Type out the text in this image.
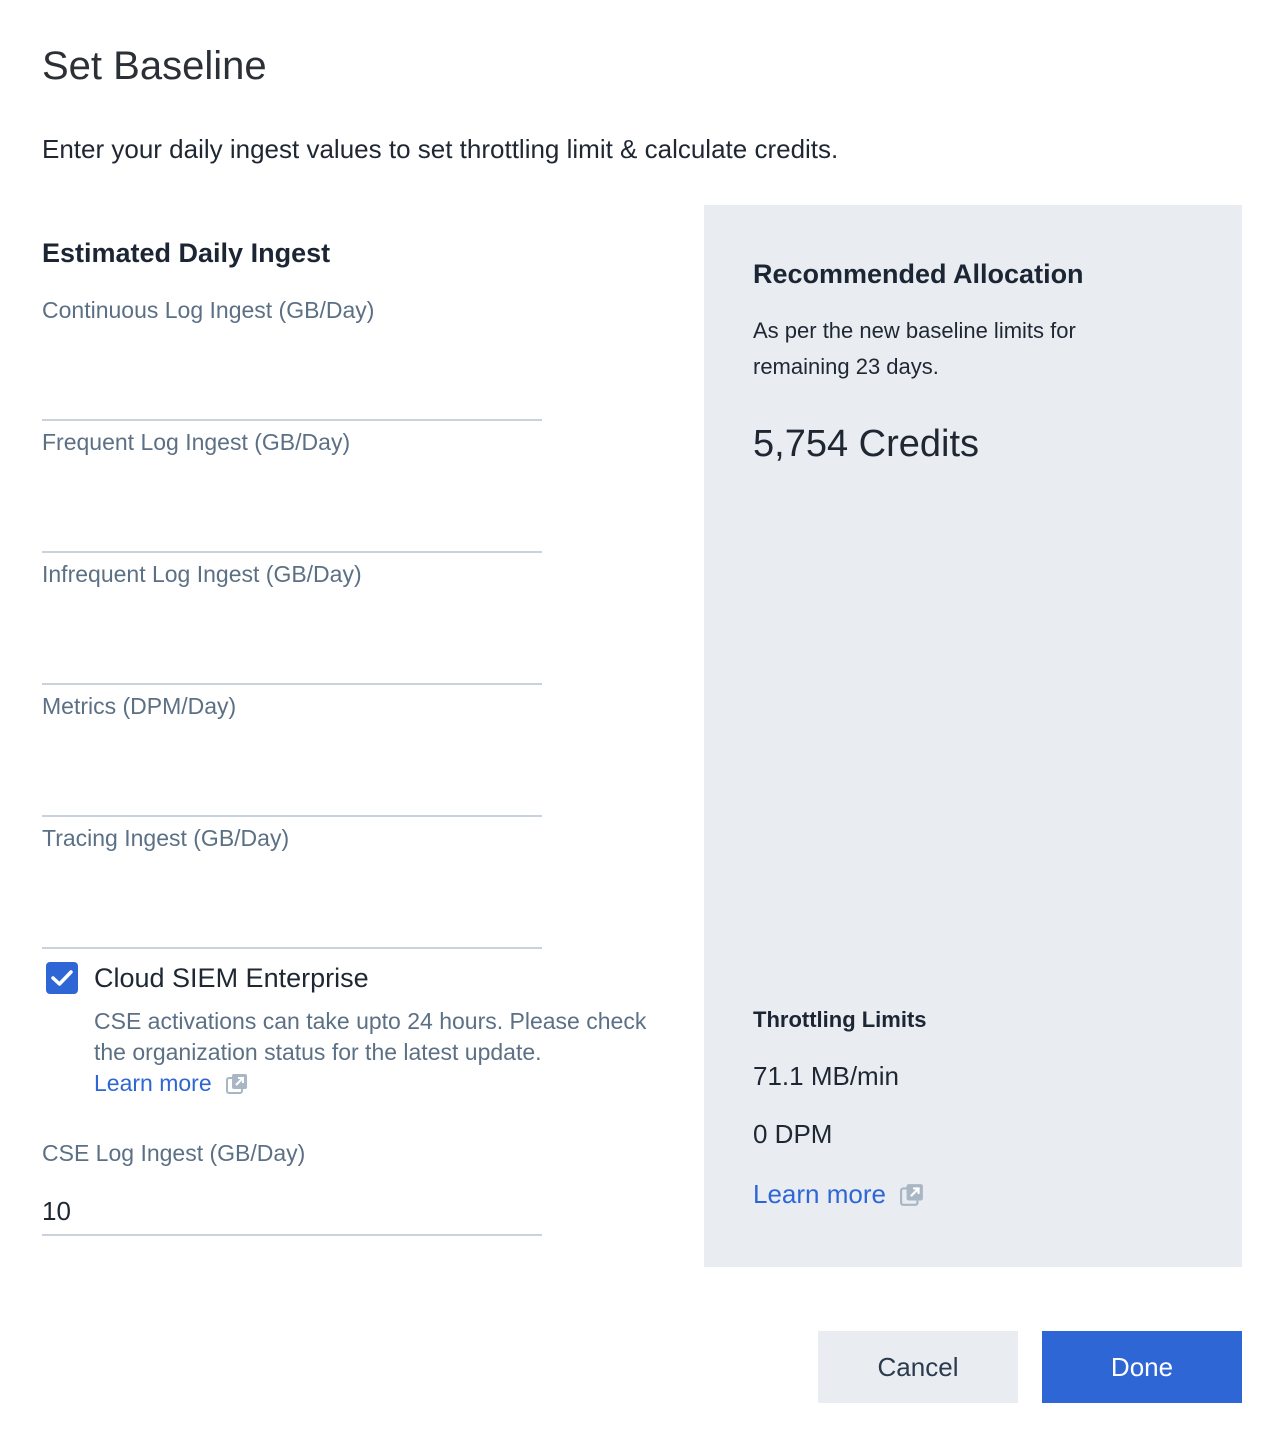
Set Baseline

Enter your daily ingest values to set throttling limit & calculate credits.

Estimated Daily Ingest
Continuous Log Ingest (GB/Day)
Frequent Log Ingest (GB/Day)
Infrequent Log Ingest (GB/Day)
Metrics (DPM/Day)
Tracing Ingest (GB/Day)
Cloud SIEM Enterprise
CSE activations can take upto 24 hours. Please check the organization status for the latest update.

Learn more
CSE Log Ingest (GB/Day)
10
Recommended Allocation
As per the new baseline limits for remaining 23 days.
5,754 Credits
Throttling Limits
71.1 MB/min
0 DPM
Learn more
Cancel	Done
